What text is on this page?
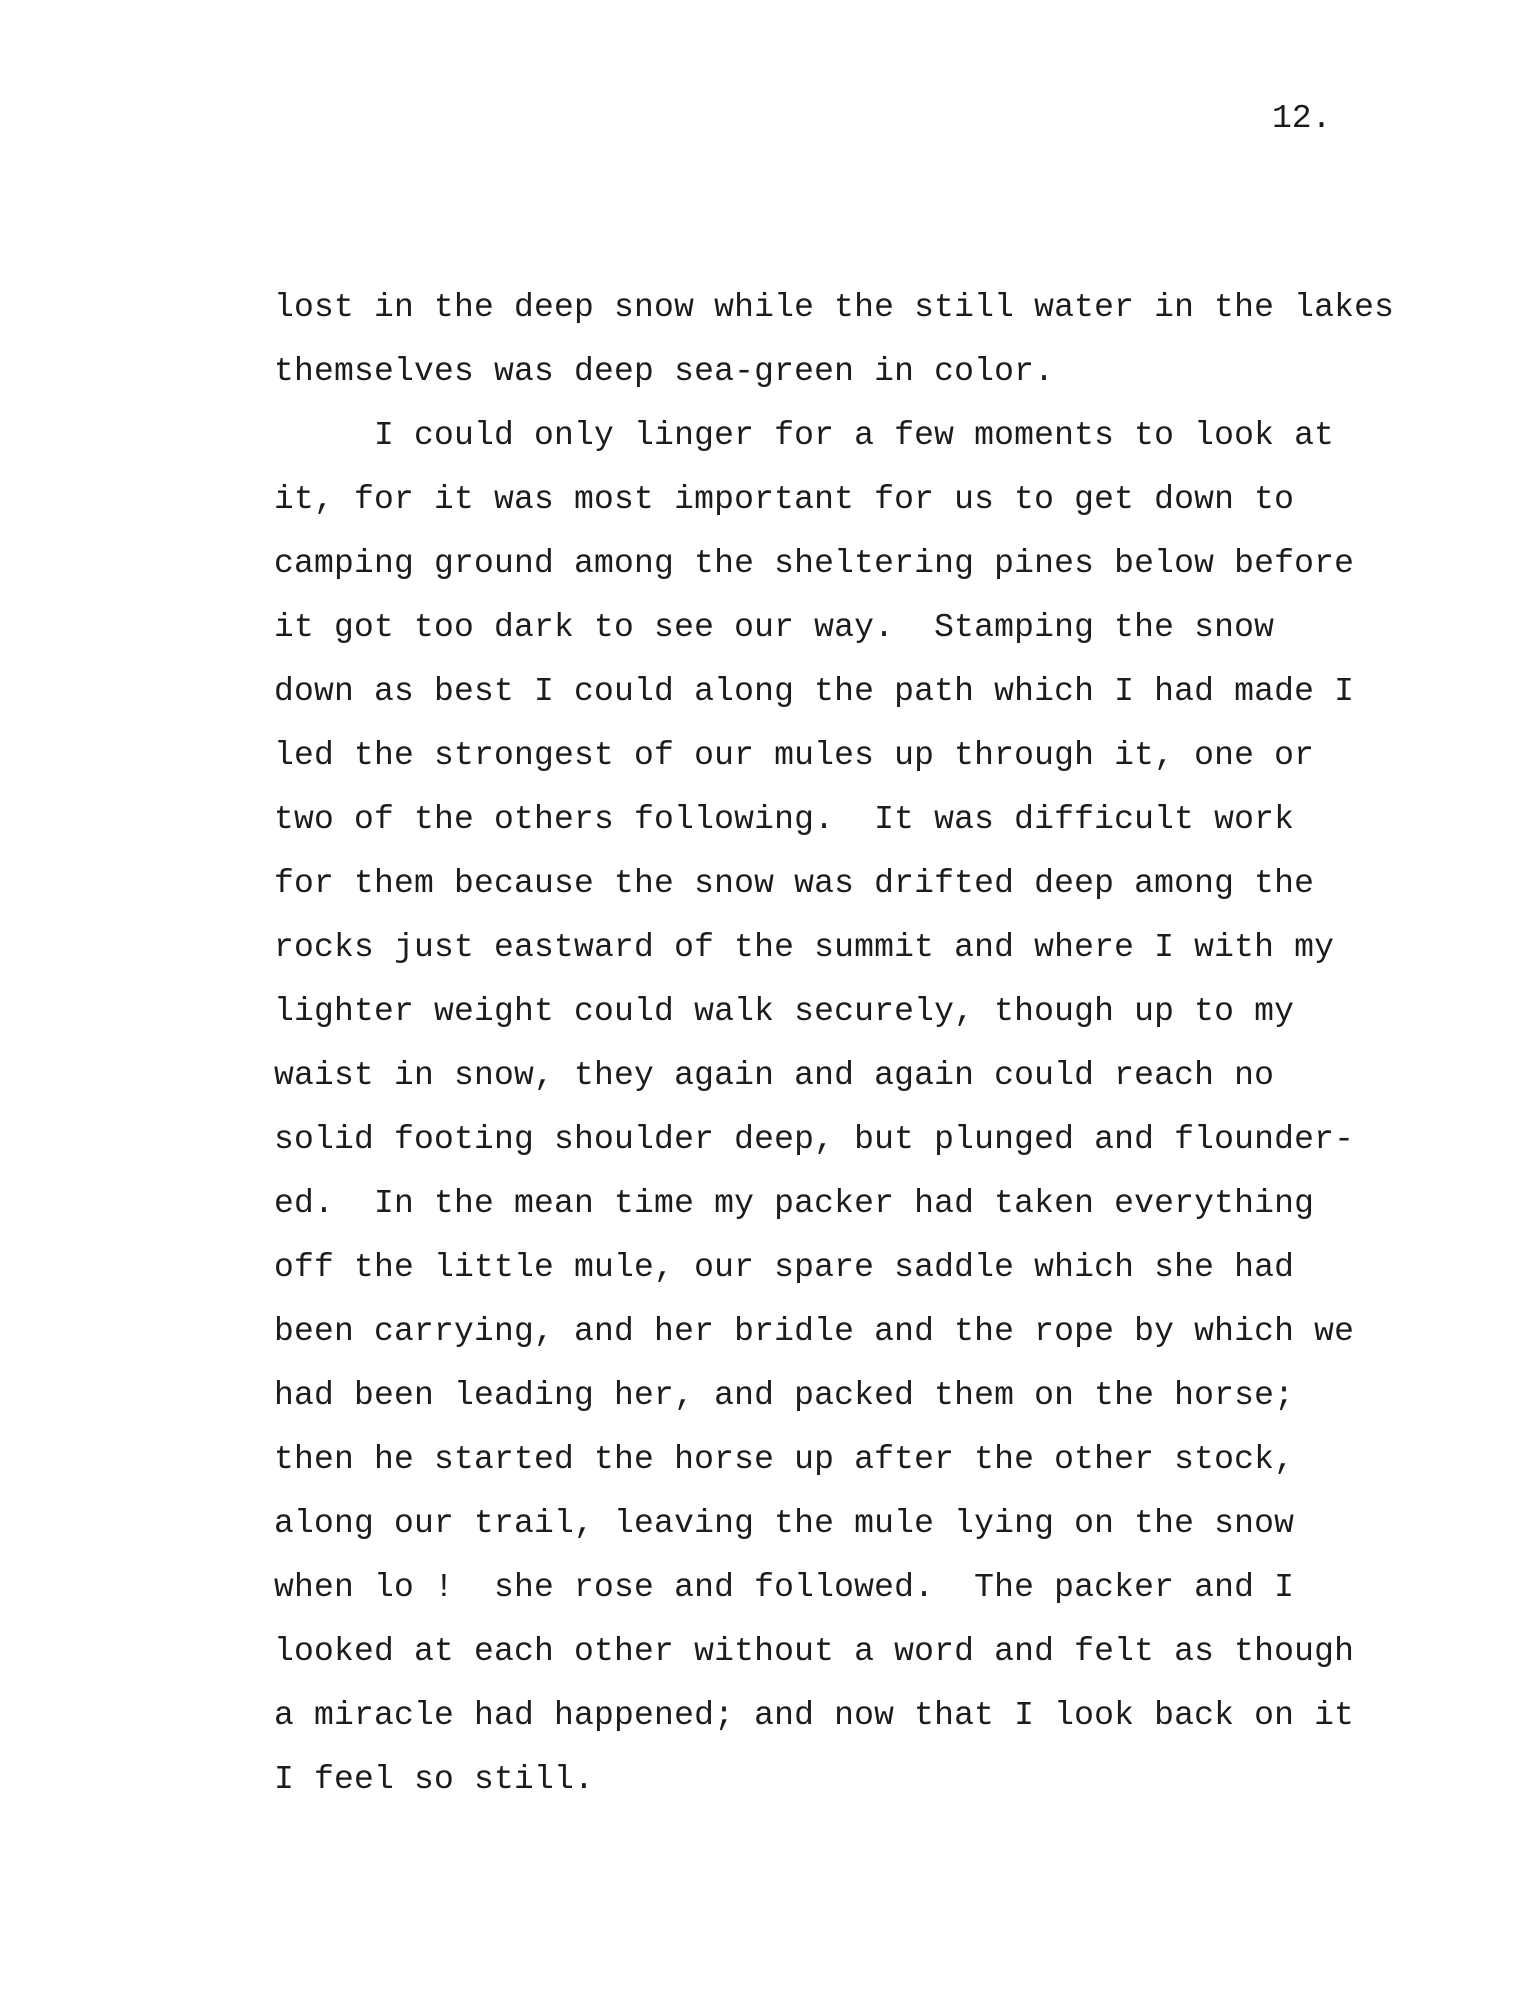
12.
lost in the deep snow while the still water in the lakes
themselves was deep sea-green in color.
I could only linger for a few moments to look at
it, for it was most important for us to get down to
camping ground among the sheltering pines below before
it got too dark to see our way.  Stamping the snow
down as best I could along the path which I had made I
led the strongest of our mules up through it, one or
two of the others following.  It was difficult work
for them because the snow was drifted deep among the
rocks just eastward of the summit and where I with my
lighter weight could walk securely, though up to my
waist in snow, they again and again could reach no
solid footing shoulder deep, but plunged and flounder-
ed.  In the mean time my packer had taken everything
off the little mule, our spare saddle which she had
been carrying, and her bridle and the rope by which we
had been leading her, and packed them on the horse;
then he started the horse up after the other stock,
along our trail, leaving the mule lying on the snow
when lo !  she rose and followed.  The packer and I
looked at each other without a word and felt as though
a miracle had happened; and now that I look back on it
I feel so still.
